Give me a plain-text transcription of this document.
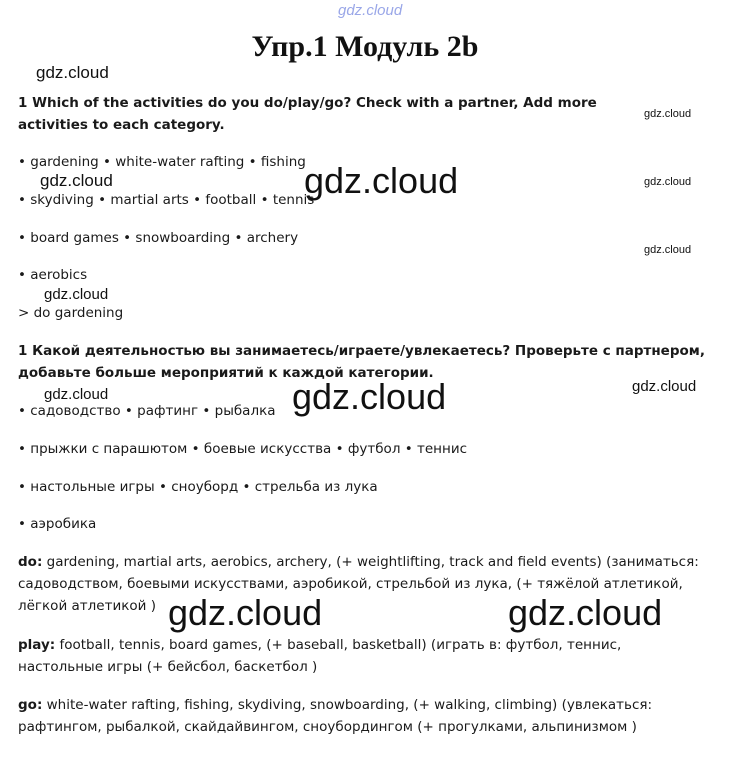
gdz.cloud
gdz.cloud
gdz.cloud
gdz.cloud	gdz.cloud	gdz.cloud
gdz.cloud
gdz.cloud
gdz.cloud
gdz.cloud	gdz.cloud
gdz.cloud	gdz.cloud
Упр.1 Модуль 2b
1 Which of the activities do you do/play/go? Check with a partner, Add more activities to each category.
• gardening • white-water rafting • fishing
• skydiving • martial arts • football • tennis
• board games • snowboarding • archery
• aerobics
> do gardening
1 Какой деятельностью вы занимаетесь/играете/увлекаетесь? Проверьте с партнером, добавьте больше мероприятий к каждой категории.
• садоводство • рафтинг • рыбалка
• прыжки с парашютом • боевые искусства • футбол • теннис
• настольные игры • сноуборд • стрельба из лука
• аэробика
do: gardening, martial arts, aerobics, archery, (+ weightlifting, track and field events) (заниматься: садоводством, боевыми искусствами, аэробикой, стрельбой из лука, (+ тяжёлой атлетикой, лёгкой атлетикой )
play: football, tennis, board games, (+ baseball, basketball) (играть в: футбол, теннис, настольные игры (+ бейсбол, баскетбол )
go: white-water rafting, fishing, skydiving, snowboarding, (+ walking, climbing) (увлекаться: рафтингом, рыбалкой, скайдайвингом, сноубордингом (+ прогулками, альпинизмом )
